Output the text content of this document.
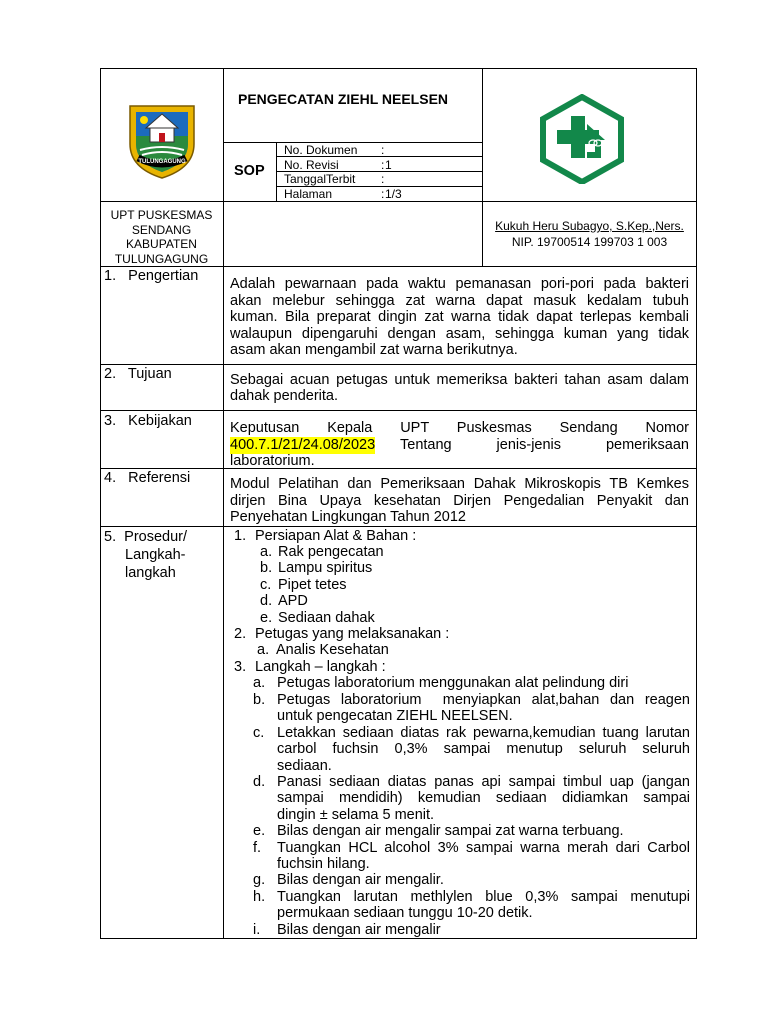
TULUNGAGUNG
PENGECATAN ZIEHL NEELSEN
SOP
No. Dokumen :
No. Revisi	: 1
TanggalTerbit :
Halaman	: 1/3
UPT PUSKESMAS
SENDANG
KABUPATEN
TULUNGAGUNG
Kukuh Heru Subagyo, S.Kep.,Ners.
NIP. 19700514 199703 1 003
1.   Pengertian Adalah pewarnaan pada waktu pemanasan pori-pori pada bakteri
akan melebur sehingga zat warna dapat masuk kedalam tubuh
kuman. Bila preparat dingin zat warna tidak dapat terlepas kembali
walaupun dipengaruhi dengan asam, sehingga kuman yang tidak
asam akan mengambil zat warna berikutnya.
2.   Tujuan	Sebagai acuan petugas untuk memeriksa bakteri tahan asam dalam
dahak penderita.
3.   Kebijakan	Keputusan Kepala UPT Puskesmas Sendang Nomor
400.7.1/21/24.08/2023 Tentang jenis-jenis pemeriksaan
laboratorium.
4.   Referensi	Modul Pelatihan dan Pemeriksaan Dahak Mikroskopis TB Kemkes
dirjen Bina Upaya kesehatan Dirjen Pengedalian Penyakit dan
Penyehatan Lingkungan Tahun 2012
5.  Prosedur/
Langkah-
langkah
1. Persiapan Alat & Bahan :
a. Rak pengecatan
b. Lampu spiritus
c. Pipet tetes
d. APD
e. Sediaan dahak
2. Petugas yang melaksanakan :
a. Analis Kesehatan
3. Langkah – langkah :
a. Petugas laboratorium menggunakan alat pelindung diri
b. Petugas laboratorium  menyiapkan alat,bahan dan reagen
untuk pengecatan ZIEHL NEELSEN.
c. Letakkan sediaan diatas rak pewarna,kemudian tuang larutan
carbol fuchsin 0,3% sampai menutup seluruh seluruh
sediaan.
d. Panasi sediaan diatas panas api sampai timbul uap (jangan
sampai mendidih) kemudian sediaan didiamkan sampai
dingin ± selama 5 menit.
e. Bilas dengan air mengalir sampai zat warna terbuang.
f. Tuangkan HCL alcohol 3% sampai warna merah dari Carbol
fuchsin hilang.
g. Bilas dengan air mengalir.
h. Tuangkan larutan methlylen blue 0,3% sampai menutupi
permukaan sediaan tunggu 10-20 detik.
i. Bilas dengan air mengalir
